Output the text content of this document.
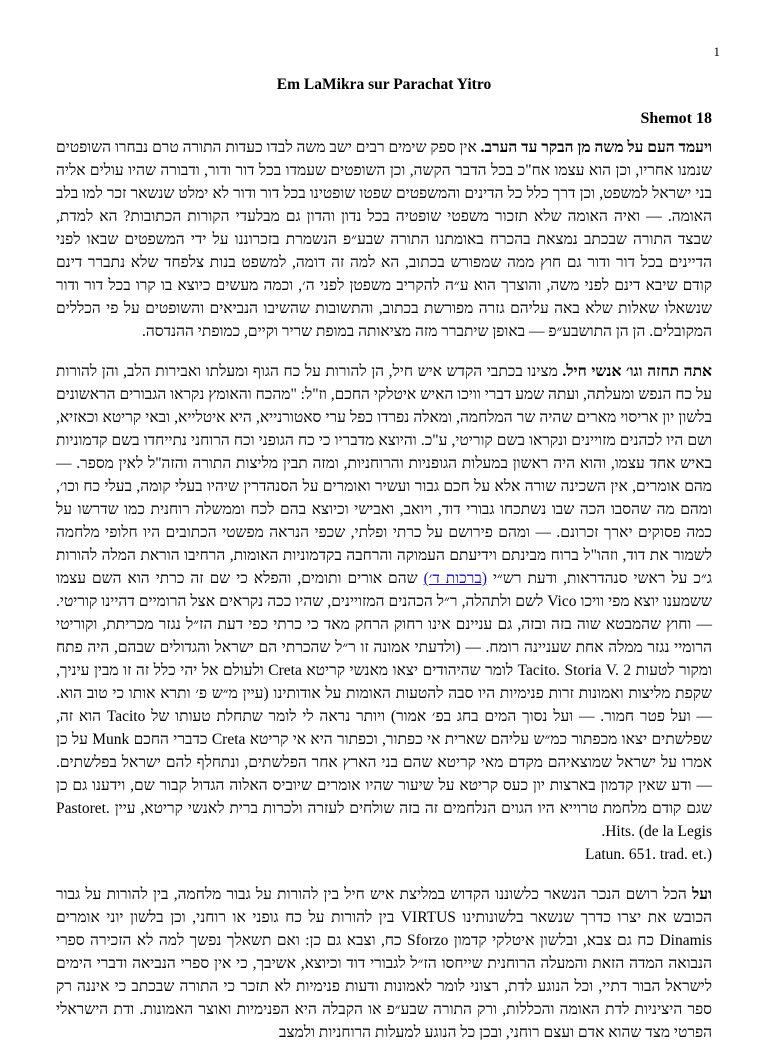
1
Em LaMikra sur Parachat Yitro
Shemot 18

ויעמד העם על משה מן הבקר עד הערב. אין ספק שימים רבים ישב משה לבדו כעדות התורה טרם נבחרו השופטים שנמנו אחריו, וכן הוא עצמו אח"כ בכל הדבר הקשה, וכן השופטים שעמדו בכל דור ודור, ודבורה שהיו עולים אליה בני ישראל למשפט, וכן דרך כלל כל הדינים והמשפטים שפטו שופטינו בכל דור ודור לא ימלט שנשאר זכר למו בלב האומה. — ואיה האומה שלא תזכור משפטי שופטיה בכל נדון והדון גם מבלעדי הקורות הכתובות? הא למדת, שבצד התורה שבכתב נמצאת בהכרח באומתנו התורה שבע״פ הנשמרת בזכרוננו על ידי המשפטים שבאו לפני הדיינים בכל דור ודור גם חוץ ממה שמפורש בכתוב, הא למה זה דומה, למשפט בנות צלפחד שלא נתברר דינם קודם שיבא דינם לפני משה, והוצרך הוא ע״ה להקריב משפטן לפני ה׳, וכמה מעשים כיוצא בו קרו בכל דור ודור שנשאלו שאלות שלא באה עליהם גזרה מפורשת בכתוב, והתשובות שהשיבו הנביאים והשופטים על פי הכללים המקובלים. הן הן התושבע״פ — באופן שיתברר מזה מציאותה במופת שריר וקיים, כמופתי ההנדסה.

אתה תחזה וגו׳ אנשי חיל. מצינו בכתבי הקדש איש חיל, הן להורות על כח הגוף ומעלתו ואבירות הלב, והן להורות על כח הנפש ומעלתה, ועתה שמע דברי וויכו האיש איטלקי החכם, וז"ל: "מהכח והאומץ נקראו הגבורים הראשונים בלשון יון אריסוי מארים שהיה שר המלחמה, ומאלה נפרדו כפל ערי סאטורנייא, היא איטלייא, ובאי קריטא וכאזיא, ושם היו לכהנים מזויינים ונקראו בשם קוריטי, ע"כ. והיוצא מדבריו כי כח הגופני וכח הרוחני נתייחדו בשם קדמוניות באיש אחד עצמו, והוא היה ראשון במעלות הגופניות והרוחניות, ומזה תבין מליצות התורה והזה"ל לאין מספר. — מהם אומרים, אין השכינה שורה אלא על חכם גבור ועשיר ואומרים על הסנהדרין שיהיו בעלי קומה, בעלי כח וכו׳, ומהם מה שהסבו הכה שבו נשתכחו גבורי דוד, ויואב, ואבישי וכיוצא בהם לכח וממשלה רוחנית כמו שדרשו על כמה פסוקים יארך זכרונם. — ומהם פירושם על כרתי ופלתי, שכפי הנראה מפשטי הכתובים היו חלופי מלחמה לשמור את דוד, וזהו"ל ברוח מבינתם וידיעתם העמוקה והרחבה בקדמוניות האומות, הרחיבו הוראת המלה להורות ג״כ על ראשי סנהדראות, ודעת רש״י (ברכות ד׳) שהם אורים ותומים, והפלא כי שם זה כרתי הוא השם עצמו ששמענו יוצא מפי וויכו Vico לשם ולתהלה, ר״ל הכהנים המזויינים, שהיו ככה נקראים אצל הרומיים דהיינו קוריטי.— וחוץ שהמבטא שוה בזה ובזה, גם עניינם אינו רחוק הרחק מאד כי כרתי כפי דעת הז״ל נגזר מכריתת, וקוריטי הרומיי נגזר ממלה אחת שעניינה רומח. — (ולדעתי אמונה זו ר״ל שהכרתי הם ישראל והגדולים שבהם, היה פתח ומקור לטעות Tacito. Storia V. 2 לומר שהיהודים יצאו מאנשי קריטא Creta ולעולם אל יהי כלל זה זו מבין עיניך, שקפת מליצות ואמונות זרות פנימיות היו סבה להטעות האומות על אודותינו (עיין מ״ש פ׳ ותרא אותו כי טוב הוא. — ועל פטר חמור. — ועל נסוך המים בחג בפ׳ אמור) ויותר נראה לי לומר שתחלת טעותו של Tacito הוא זה, שפלשתים יצאו מכפתור כמ״ש עליהם שארית אי כפתור, וכפתור היא אי קריטא Creta כדברי החכם Munk על כן אמרו על ישראל שמוצאיהם מקדם מאי קריטא שהם בני הארץ אחר הפלשתים, ונתחלף להם ישראל בפלשתים. — ודע שאין קדמון בארצות יון כעס קריטא על שיעור שהיו אומרים שיוביס האלוה הגדול קבור שם, וידענו גם כן שגם קודם מלחמת טרוייא היו הגוים הנלחמים זה בזה שולחים לעזרה ולכרות ברית לאנשי קריטא, עיין Pastoret. Hits. (de la Legis.
Latun. 651. trad. et.)

ועל הכל רושם הנכר הנשאר כלשוננו הקדוש במליצת איש חיל בין להורות על גבור מלחמה, בין להורות על גבור הכובש את יצרו כדרך שנשאר בלשונותינו VIRTUS בין להורות על כח גופני או רוחני, וכן בלשון יוני אומרים Dinamis כח גם צבא, ובלשון איטלקי קדמון Sforzo כח, וצבא גם כן: ואם תשאלך נפשך למה לא הזכירה ספרי הנבואה המדה הזאת והמעלה הרוחנית שייחסו הז״ל לגבורי דוד וכיוצא, אשיבך, כי אין ספרי הנביאה ודברי הימים לישראל הבור דתיי, וכל הנוגע לדת, רצוני לומר לאמונות ודעות פנימיות לא תזכר כי התורה שבכתב כי איננה רק ספר היציניות לדת האומה והכללות, ורק התורה שבע״פ או הקבלה היא הפנימיות ואוצר האמונות. ודת הישראלי הפרטי מצד שהוא אדם ועצם רוחני, ובכן כל הנוגע למעלות הרוחניות ולמצב
